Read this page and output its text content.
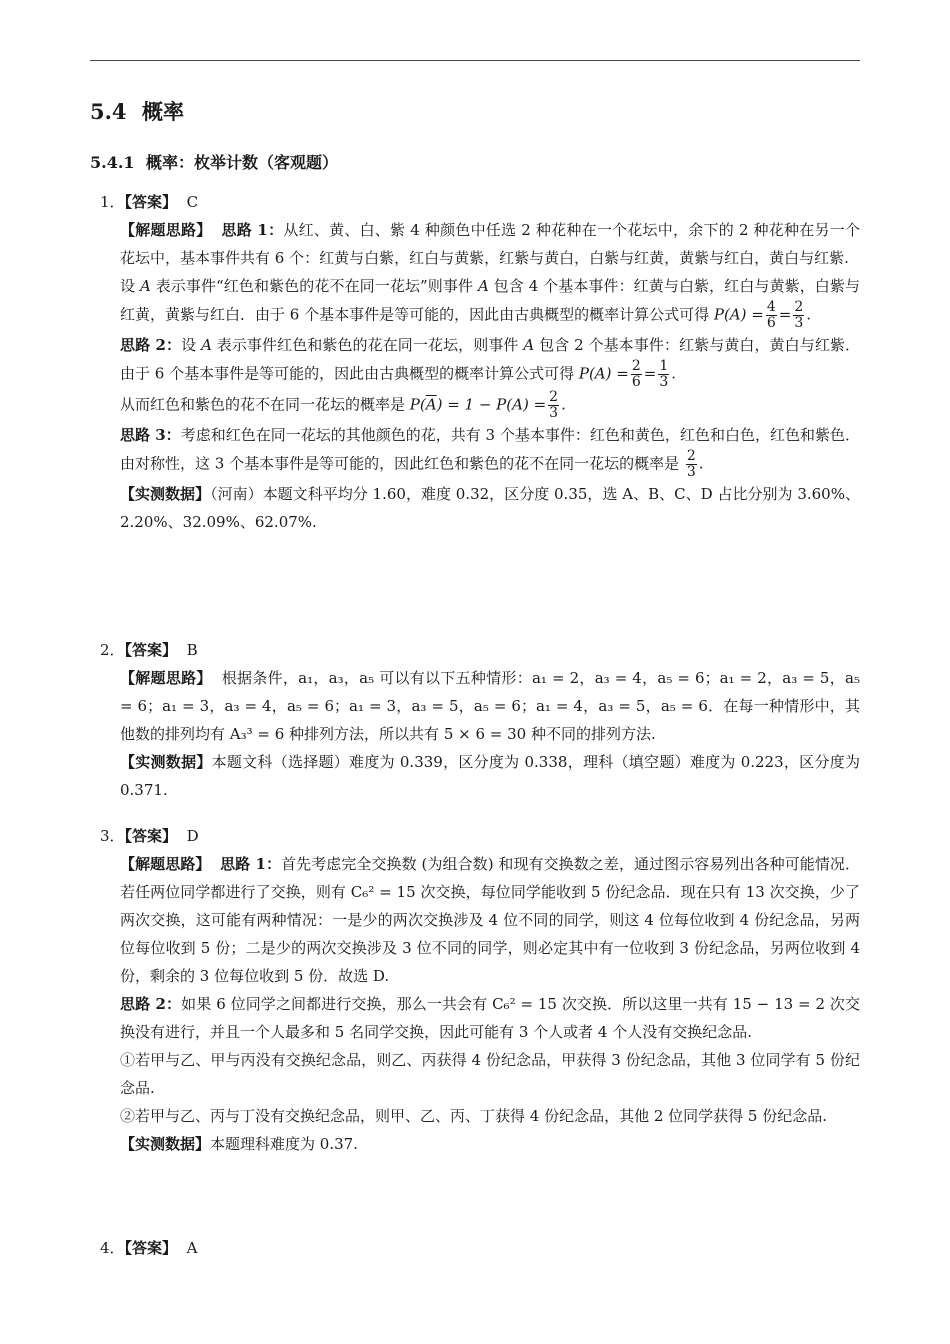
5.4 概率
5.4.1 概率：枚举计数（客观题）
1．【答案】 C

【解题思路】 思路 1：从红、黄、白、紫 4 种颜色中任选 2 种花种在一个花坛中，余下的 2 种花种在另一个花坛中，基本事件共有 6 个：红黄与白紫，红白与黄紫，红紫与黄白，白紫与红黄，黄紫与红白，黄白与红紫.

设 A 表示事件“红色和紫色的花不在同一花坛”则事件 A 包含 4 个基本事件：红黄与白紫，红白与黄紫，白紫与红黄，黄紫与红白．由于 6 个基本事件是等可能的，因此由古典概型的概率计算公式可得 $P(A) = \frac{4}{6} = \frac{2}{3}$ .

思路 2：设 A 表示事件红色和紫色的花在同一花坛，则事件 A 包含 2 个基本事件：红紫与黄白，黄白与红紫．由于 6 个基本事件是等可能的，因此由古典概型的概率计算公式可得 $P(A) = \frac{2}{6} = \frac{1}{3}$ .

从而红色和紫色的花不在同一花坛的概率是 $P(\overline{A}) = 1 - P(A) = \frac{2}{3}$ .

思路 3：考虑和红色在同一花坛的其他颜色的花，共有 3 个基本事件：红色和黄色，红色和白色，红色和紫色．由对称性，这 3 个基本事件是等可能的，因此红色和紫色的花不在同一花坛的概率是 $\frac{2}{3}$ .

【实测数据】（河南）本题文科平均分 1.60，难度 0.32，区分度 0.35，选 A、B、C、D 占比分别为 3.60%、2.20%、32.09%、62.07%.

2．【答案】 B

【解题思路】 根据条件，a₁，a₃，a₅ 可以有以下五种情形：a₁ = 2，a₃ = 4，a₅ = 6；a₁ = 2，a₃ = 5，a₅ = 6；a₁ = 3，a₃ = 4，a₅ = 6；a₁ = 3，a₃ = 5，a₅ = 6；a₁ = 4，a₃ = 5，a₅ = 6．在每一种情形中，其他数的排列均有 A₃³ = 6 种排列方法，所以共有 5 × 6 = 30 种不同的排列方法.

【实测数据】本题文科（选择题）难度为 0.339，区分度为 0.338，理科（填空题）难度为 0.223，区分度为 0.371.

3．【答案】 D

【解题思路】 思路 1：首先考虑完全交换数 (为组合数) 和现有交换数之差，通过图示容易列出各种可能情况．若任两位同学都进行了交换，则有 C₆² = 15 次交换，每位同学能收到 5 份纪念品．现在只有 13 次交换，少了两次交换，这可能有两种情况：一是少的两次交换涉及 4 位不同的同学，则这 4 位每位收到 4 份纪念品，另两位每位收到 5 份；二是少的两次交换涉及 3 位不同的同学，则必定其中有一位收到 3 份纪念品，另两位收到 4 份，剩余的 3 位每位收到 5 份．故选 D.

思路 2：如果 6 位同学之间都进行交换，那么一共会有 C₆² = 15 次交换．所以这里一共有 15 − 13 = 2 次交换没有进行，并且一个人最多和 5 名同学交换，因此可能有 3 个人或者 4 个人没有交换纪念品.

①若甲与乙、甲与丙没有交换纪念品，则乙、丙获得 4 份纪念品，甲获得 3 份纪念品，其他 3 位同学有 5 份纪念品.

②若甲与乙、丙与丁没有交换纪念品，则甲、乙、丙、丁获得 4 份纪念品，其他 2 位同学获得 5 份纪念品.

【实测数据】本题理科难度为 0.37.

4．【答案】 A
